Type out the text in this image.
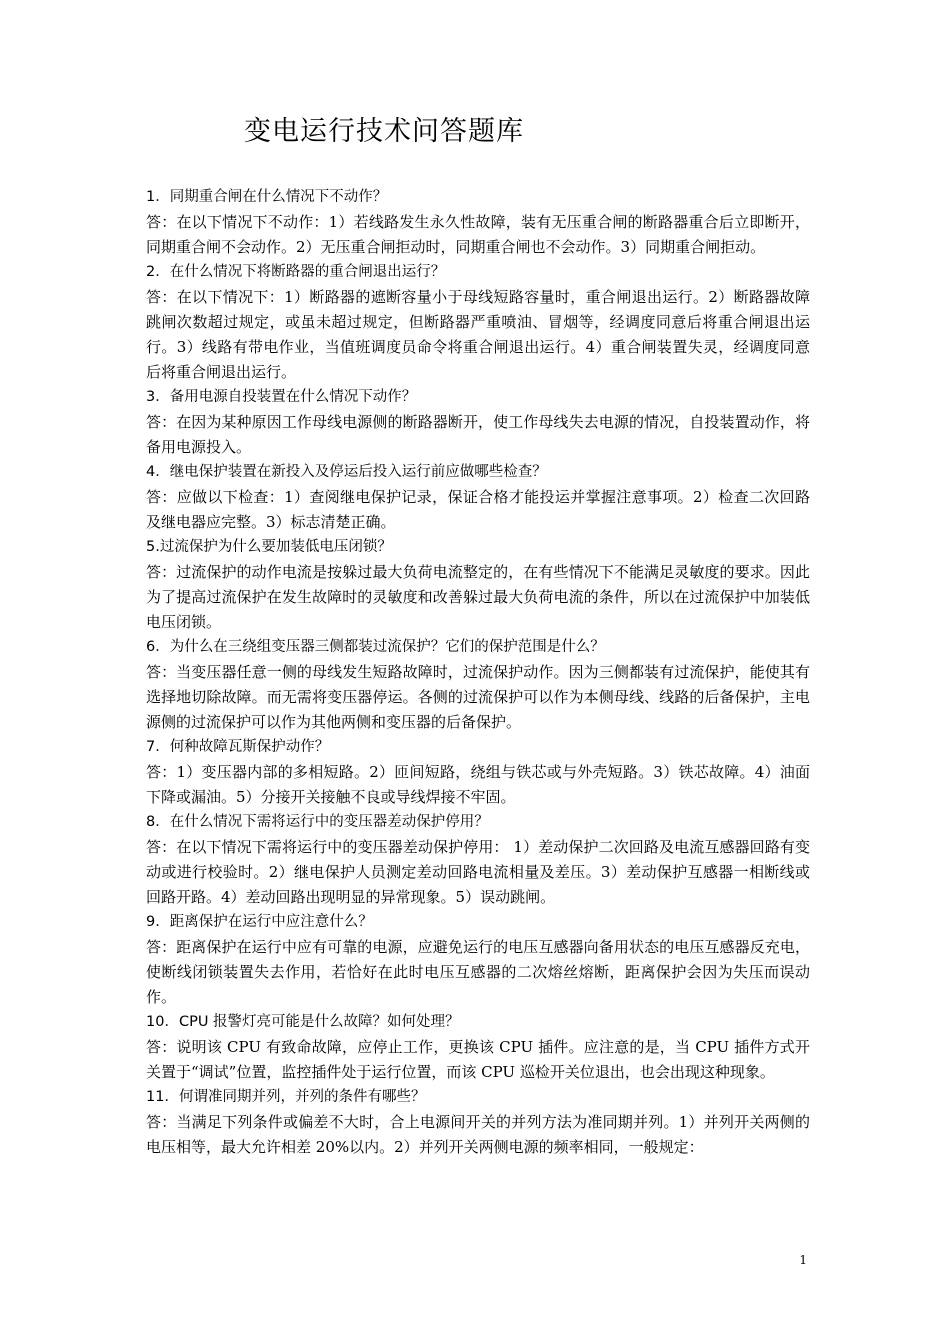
变电运行技术问答题库
1．同期重合闸在什么情况下不动作？

答：在以下情况下不动作：1）若线路发生永久性故障，装有无压重合闸的断路器重合后立即断开，同期重合闸不会动作。2）无压重合闸拒动时，同期重合闸也不会动作。3）同期重合闸拒动。

2．在什么情况下将断路器的重合闸退出运行？

答：在以下情况下：1）断路器的遮断容量小于母线短路容量时，重合闸退出运行。2）断路器故障跳闸次数超过规定，或虽未超过规定，但断路器严重喷油、冒烟等，经调度同意后将重合闸退出运行。3）线路有带电作业，当值班调度员命令将重合闸退出运行。4）重合闸装置失灵，经调度同意后将重合闸退出运行。

3．备用电源自投装置在什么情况下动作？

答：在因为某种原因工作母线电源侧的断路器断开，使工作母线失去电源的情况，自投装置动作，将备用电源投入。

4．继电保护装置在新投入及停运后投入运行前应做哪些检查？

答：应做以下检查：1）查阅继电保护记录，保证合格才能投运并掌握注意事项。2）检查二次回路及继电器应完整。3）标志清楚正确。

5.过流保护为什么要加装低电压闭锁？

答：过流保护的动作电流是按躲过最大负荷电流整定的，在有些情况下不能满足灵敏度的要求。因此为了提高过流保护在发生故障时的灵敏度和改善躲过最大负荷电流的条件，所以在过流保护中加装低电压闭锁。

6．为什么在三绕组变压器三侧都装过流保护？它们的保护范围是什么？

答：当变压器任意一侧的母线发生短路故障时，过流保护动作。因为三侧都装有过流保护，能使其有选择地切除故障。而无需将变压器停运。各侧的过流保护可以作为本侧母线、线路的后备保护，主电源侧的过流保护可以作为其他两侧和变压器的后备保护。

7．何种故障瓦斯保护动作？

答：1）变压器内部的多相短路。2）匝间短路，绕组与铁芯或与外壳短路。3）铁芯故障。4）油面下降或漏油。5）分接开关接触不良或导线焊接不牢固。

8．在什么情况下需将运行中的变压器差动保护停用？

答：在以下情况下需将运行中的变压器差动保护停用： 1）差动保护二次回路及电流互感器回路有变动或进行校验时。2）继电保护人员测定差动回路电流相量及差压。3）差动保护互感器一相断线或回路开路。4）差动回路出现明显的异常现象。5）误动跳闸。

9．距离保护在运行中应注意什么？

答：距离保护在运行中应有可靠的电源，应避免运行的电压互感器向备用状态的电压互感器反充电，使断线闭锁装置失去作用，若恰好在此时电压互感器的二次熔丝熔断，距离保护会因为失压而误动作。

10．CPU 报警灯亮可能是什么故障？如何处理？

答：说明该 CPU 有致命故障，应停止工作，更换该 CPU 插件。应注意的是，当 CPU 插件方式开关置于“调试”位置，监控插件处于运行位置，而该 CPU 巡检开关位退出，也会出现这种现象。

11．何谓准同期并列，并列的条件有哪些？

答：当满足下列条件或偏差不大时，合上电源间开关的并列方法为准同期并列。1）并列开关两侧的电压相等，最大允许相差 20%以内。2）并列开关两侧电源的频率相同，一般规定：

1
